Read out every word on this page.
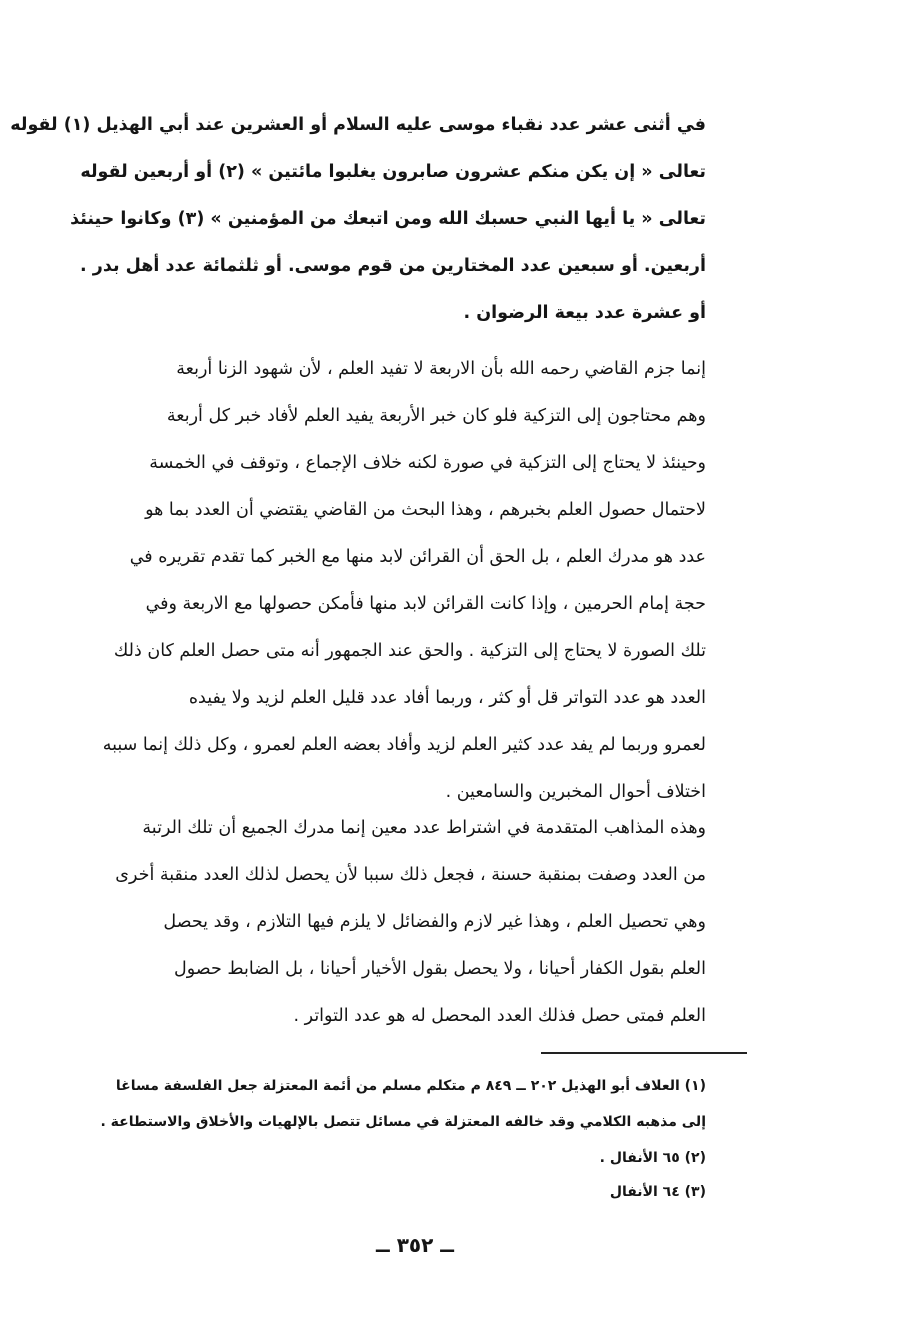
في أثنى عشر عدد نقباء موسى عليه السلام أو العشرين عند أبي الهذيل (١) لقوله
تعالى « إن يكن منكم عشرون صابرون يغلبوا مائتين » (٢) أو أربعين لقوله
تعالى « يا أيها النبي حسبك الله ومن اتبعك من المؤمنين » (٣) وكانوا حينئذ
أربعين. أو سبعين عدد المختارين من قوم موسى. أو ثلثمائة عدد أهل بدر .
أو عشرة عدد بيعة الرضوان .
إنما جزم القاضي رحمه الله بأن الاربعة لا تفيد العلم ، لأن شهود الزنا أربعة
وهم محتاجون إلى التزكية فلو كان خبر الأربعة يفيد العلم لأفاد خبر كل أربعة
وحينئذ لا يحتاج إلى التزكية في صورة لكنه خلاف الإجماع ، وتوقف في الخمسة
لاحتمال حصول العلم بخبرهم ، وهذا البحث من القاضي يقتضي أن العدد بما هو
عدد هو مدرك العلم ، بل الحق أن القرائن لابد منها مع الخبر كما تقدم تقريره في
حجة إمام الحرمين ، وإذا كانت القرائن لابد منها فأمكن حصولها مع الاربعة وفي
تلك الصورة لا يحتاج إلى التزكية . والحق عند الجمهور أنه متى حصل العلم كان ذلك
العدد هو عدد التواتر قل أو كثر ، وربما أفاد عدد قليل العلم لزيد ولا يفيده
لعمرو وربما لم يفد عدد كثير العلم لزيد وأفاد بعضه العلم لعمرو ، وكل ذلك إنما سببه
اختلاف أحوال المخبرين والسامعين .
وهذه المذاهب المتقدمة في اشتراط عدد معين إنما مدرك الجميع أن تلك الرتبة
من العدد وصفت بمنقبة حسنة ، فجعل ذلك سببا لأن يحصل لذلك العدد منقبة أخرى
وهي تحصيل العلم ، وهذا غير لازم والفضائل لا يلزم فيها التلازم ، وقد يحصل
العلم بقول الكفار أحيانا ، ولا يحصل بقول الأخيار أحيانا ، بل الضابط حصول
العلم فمتى حصل فذلك العدد المحصل له هو عدد التواتر .
(١) العلاف أبو الهذيل ٢٠٢ ــ ٨٤٩ م متكلم مسلم من أئمة المعتزلة جعل الفلسفة مساغا
إلى مذهبه الكلامي وقد خالفه المعتزلة في مسائل تتصل بالإلهيات والأخلاق والاستطاعة .
(٢) ٦٥ الأنفال .
(٣) ٦٤ الأنفال
ــ ٣٥٢ ــ
